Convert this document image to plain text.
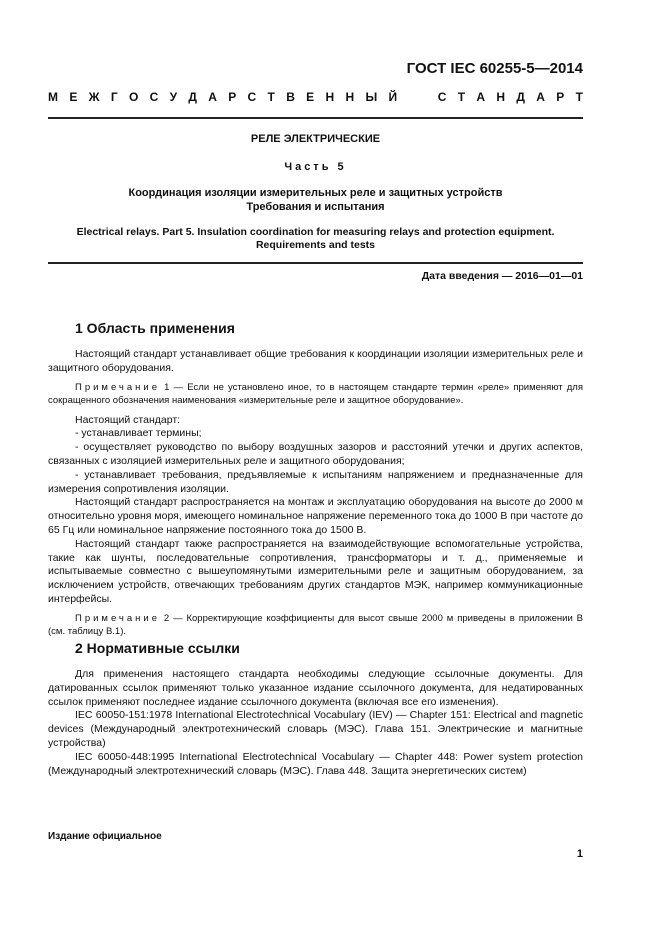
ГОСТ IEC 60255-5—2014
М Е Ж Г О С У Д А Р С Т В Е Н Н Ы Й

	С Т А Н Д А Р Т
РЕЛЕ ЭЛЕКТРИЧЕСКИЕ
Часть 5
Координация изоляции измерительных реле и защитных устройств
Требования и испытания
Electrical relays. Part 5. Insulation coordination for measuring relays and protection equipment.
Requirements and tests
Дата введения — 2016—01—01
1 Область применения

Настоящий стандарт устанавливает общие требования к координации изоляции измерительных реле и защитного оборудования.

Примечание 1 — Если не установлено иное, то в настоящем стандарте термин «реле» применяют для сокращенного обозначения наименования «измерительные реле и защитное оборудование».

Настоящий стандарт:

- устанавливает термины;

- осуществляет руководство по выбору воздушных зазоров и расстояний утечки и других аспектов, связанных с изоляцией измерительных реле и защитного оборудования;

- устанавливает требования, предъявляемые к испытаниям напряжением и предназначенные для измерения сопротивления изоляции.

Настоящий стандарт распространяется на монтаж и эксплуатацию оборудования на высоте до 2000 м относительно уровня моря, имеющего номинальное напряжение переменного тока до 1000 В при частоте до 65 Гц или номинальное напряжение постоянного тока до 1500 В.

Настоящий стандарт также распространяется на взаимодействующие вспомогательные устройства, такие как шунты, последовательные сопротивления, трансформаторы и т. д., применяемые и испытываемые совместно с вышеупомянутыми измерительными реле и защитным оборудованием, за исключением устройств, отвечающих требованиям других стандартов МЭК, например коммуникационные интерфейсы.

Примечание 2 — Корректирующие коэффициенты для высот свыше 2000 м приведены в приложении В (см. таблицу В.1).

2 Нормативные ссылки

Для применения настоящего стандарта необходимы следующие ссылочные документы. Для датированных ссылок применяют только указанное издание ссылочного документа, для недатированных ссылок применяют последнее издание ссылочного документа (включая все его изменения).

IEC 60050-151:1978 International Electrotechnical Vocabulary (IEV) — Chapter 151: Electrical and magnetic devices (Международный электротехнический словарь (МЭС). Глава 151. Электрические и магнитные устройства)

IEC 60050-448:1995 International Electrotechnical Vocabulary — Chapter 448: Power system protection (Международный электротехнический словарь (МЭС). Глава 448. Защита энергетических систем)

Издание официальное
1
